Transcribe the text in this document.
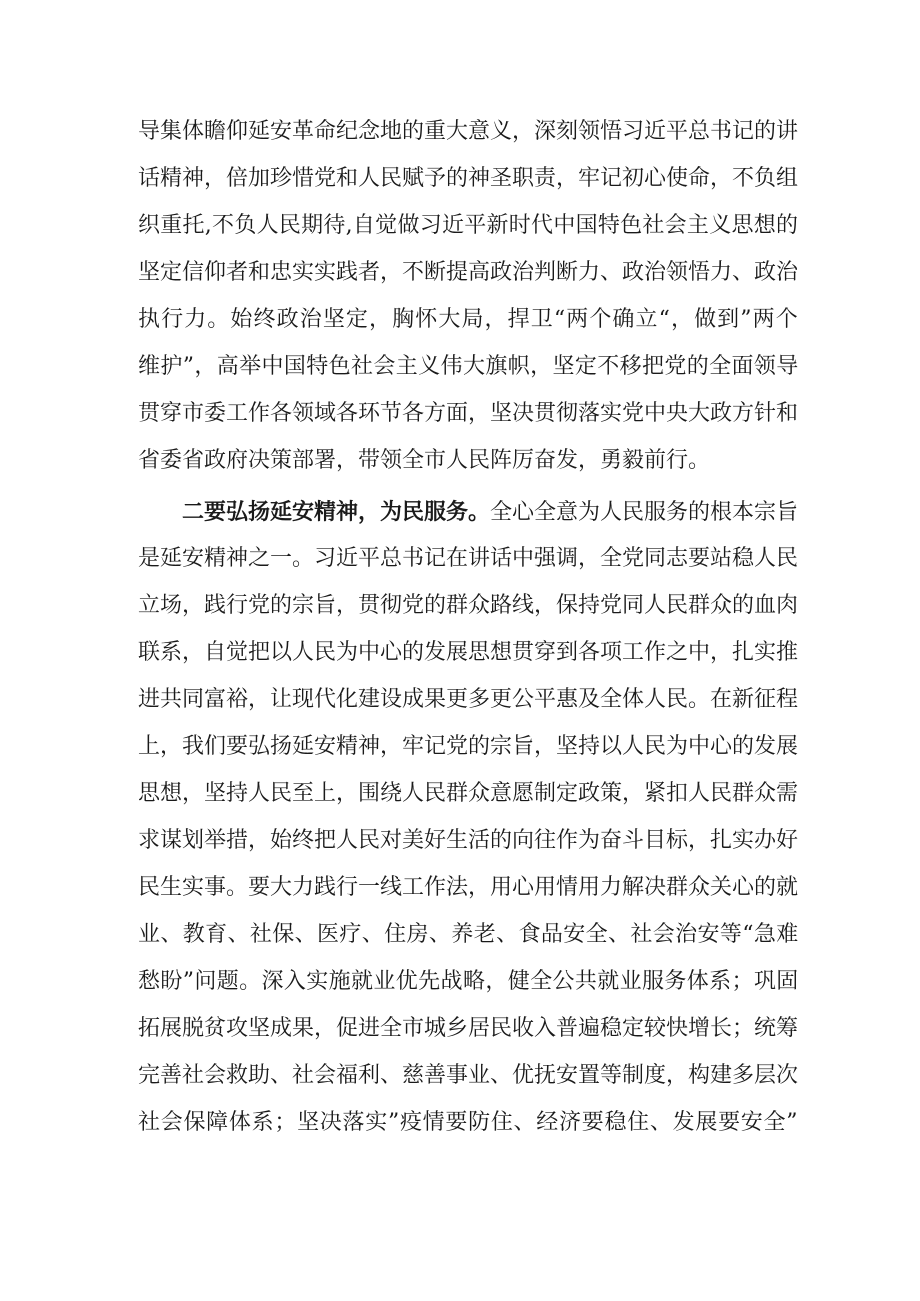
导集体瞻仰延安革命纪念地的重大意义，深刻领悟习近平总书记的讲
话精神，倍加珍惜党和人民赋予的神圣职责，牢记初心使命，不负组
织重托,不负人民期待,自觉做习近平新时代中国特色社会主义思想的
坚定信仰者和忠实实践者，不断提高政治判断力、政治领悟力、政治
执行力。始终政治坚定，胸怀大局，捍卫“两个确立“，做到”两个
维护”，高举中国特色社会主义伟大旗帜，坚定不移把党的全面领导
贯穿市委工作各领域各环节各方面，坚决贯彻落实党中央大政方针和
省委省政府决策部署，带领全市人民阵厉奋发，勇毅前行。
二要弘扬延安精神，为民服务。全心全意为人民服务的根本宗旨
是延安精神之一。习近平总书记在讲话中强调，全党同志要站稳人民
立场，践行党的宗旨，贯彻党的群众路线，保持党同人民群众的血肉
联系，自觉把以人民为中心的发展思想贯穿到各项工作之中，扎实推
进共同富裕，让现代化建设成果更多更公平惠及全体人民。在新征程
上，我们要弘扬延安精神，牢记党的宗旨，坚持以人民为中心的发展
思想，坚持人民至上，围绕人民群众意愿制定政策，紧扣人民群众需
求谋划举措，始终把人民对美好生活的向往作为奋斗目标，扎实办好
民生实事。要大力践行一线工作法，用心用情用力解决群众关心的就
业、教育、社保、医疗、住房、养老、食品安全、社会治安等“急难
愁盼”问题。深入实施就业优先战略，健全公共就业服务体系；巩固
拓展脱贫攻坚成果，促进全市城乡居民收入普遍稳定较快增长；统筹
完善社会救助、社会福利、慈善事业、优抚安置等制度，构建多层次
社会保障体系；坚决落实”疫情要防住、经济要稳住、发展要安全”
